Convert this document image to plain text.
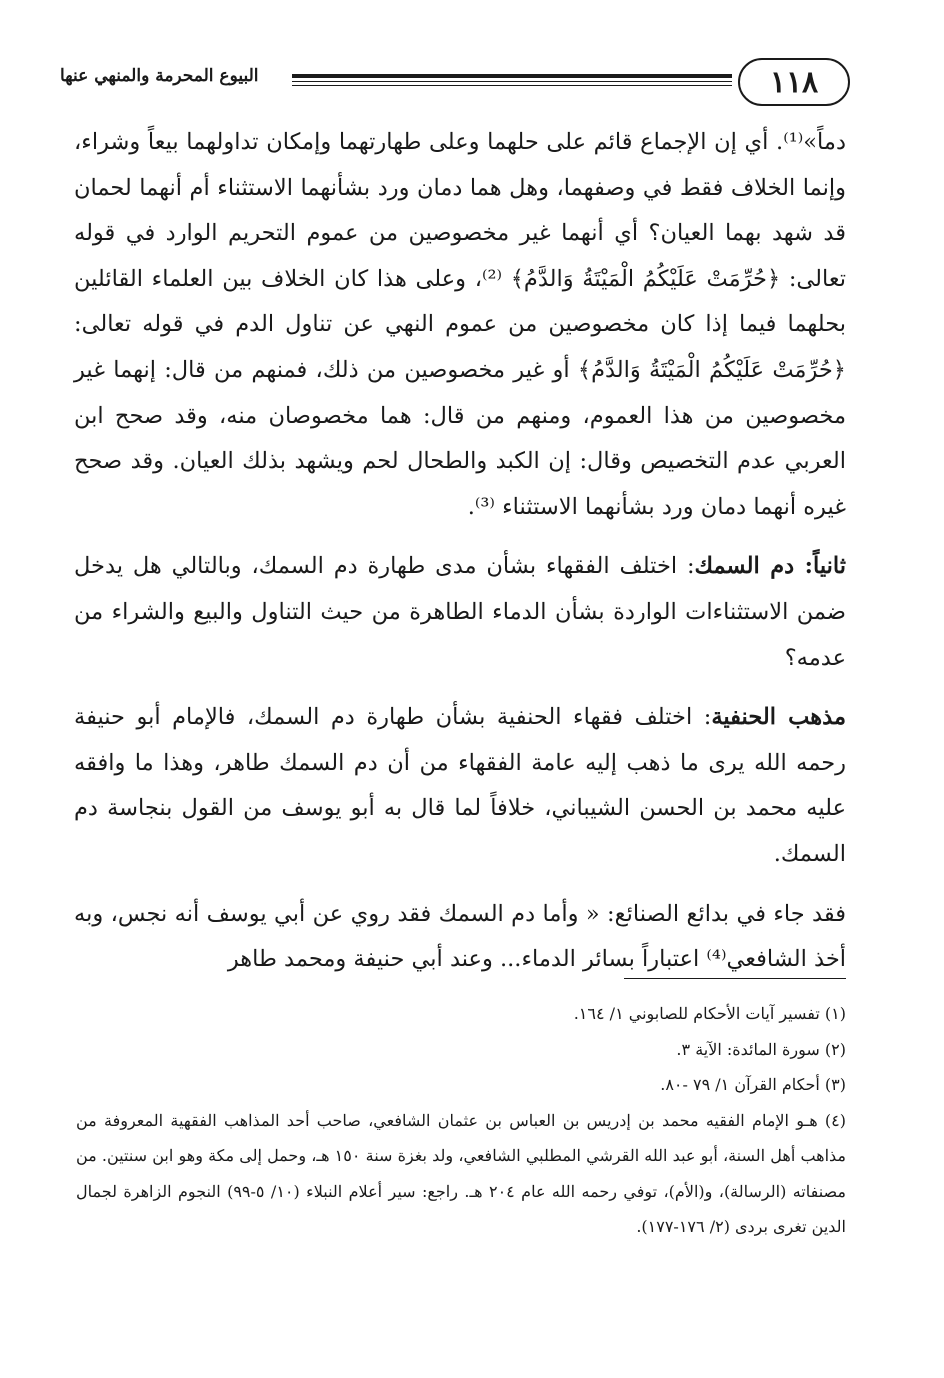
١١٨
البيوع المحرمة والمنهي عنها

دماً»⁽¹⁾. أي إن الإجماع قائم على حلهما وعلى طهارتهما وإمكان تداولهما بيعاً وشراء، وإنما الخلاف فقط في وصفهما، وهل هما دمان ورد بشأنهما الاستثناء أم أنهما لحمان قد شهد بهما العيان؟ أي أنهما غير مخصوصين من عموم التحريم الوارد في قوله تعالى: ﴿حُرِّمَتْ عَلَيْكُمُ الْمَيْتَةُ وَالدَّمُ﴾ ⁽²⁾، وعلى هذا كان الخلاف بين العلماء القائلين بحلهما فيما إذا كان مخصوصين من عموم النهي عن تناول الدم في قوله تعالى: ﴿حُرِّمَتْ عَلَيْكُمُ الْمَيْتَةُ وَالدَّمُ﴾ أو غير مخصوصين من ذلك، فمنهم من قال: إنهما غير مخصوصين من هذا العموم، ومنهم من قال: هما مخصوصان منه، وقد صحح ابن العربي عدم التخصيص وقال: إن الكبد والطحال لحم ويشهد بذلك العيان. وقد صحح غيره أنهما دمان ورد بشأنهما الاستثناء ⁽³⁾.

ثانياً: دم السمك: اختلف الفقهاء بشأن مدى طهارة دم السمك، وبالتالي هل يدخل ضمن الاستثناءات الواردة بشأن الدماء الطاهرة من حيث التناول والبيع والشراء من عدمه؟

مذهب الحنفية: اختلف فقهاء الحنفية بشأن طهارة دم السمك، فالإمام أبو حنيفة رحمه الله يرى ما ذهب إليه عامة الفقهاء من أن دم السمك طاهر، وهذا ما وافقه عليه محمد بن الحسن الشيباني، خلافاً لما قال به أبو يوسف من القول بنجاسة دم السمك.

فقد جاء في بدائع الصنائع: « وأما دم السمك فقد روي عن أبي يوسف أنه نجس، وبه أخذ الشافعي⁽⁴⁾ اعتباراً بسائر الدماء... وعند أبي حنيفة ومحمد طاهر

(١) تفسير آيات الأحكام للصابوني ١/ ١٦٤.

(٢) سورة المائدة: الآية ٣.

(٣) أحكام القرآن ١/ ٧٩ -٨٠.

(٤) هـو الإمام الفقيه محمد بن إدريس بن العباس بن عثمان الشافعي، صاحب أحد المذاهب الفقهية المعروفة من مذاهب أهل السنة، أبو عبد الله القرشي المطلبي الشافعي، ولد بغزة سنة ١٥٠ هـ، وحمل إلى مكة وهو ابن سنتين. من مصنفاته (الرسالة)، و(الأم)، توفي رحمه الله عام ٢٠٤ هـ. راجع: سير أعلام النبلاء (١٠/ ٥-٩٩) النجوم الزاهرة لجمال الدين تغرى بردى (٢/ ١٧٦-١٧٧).
